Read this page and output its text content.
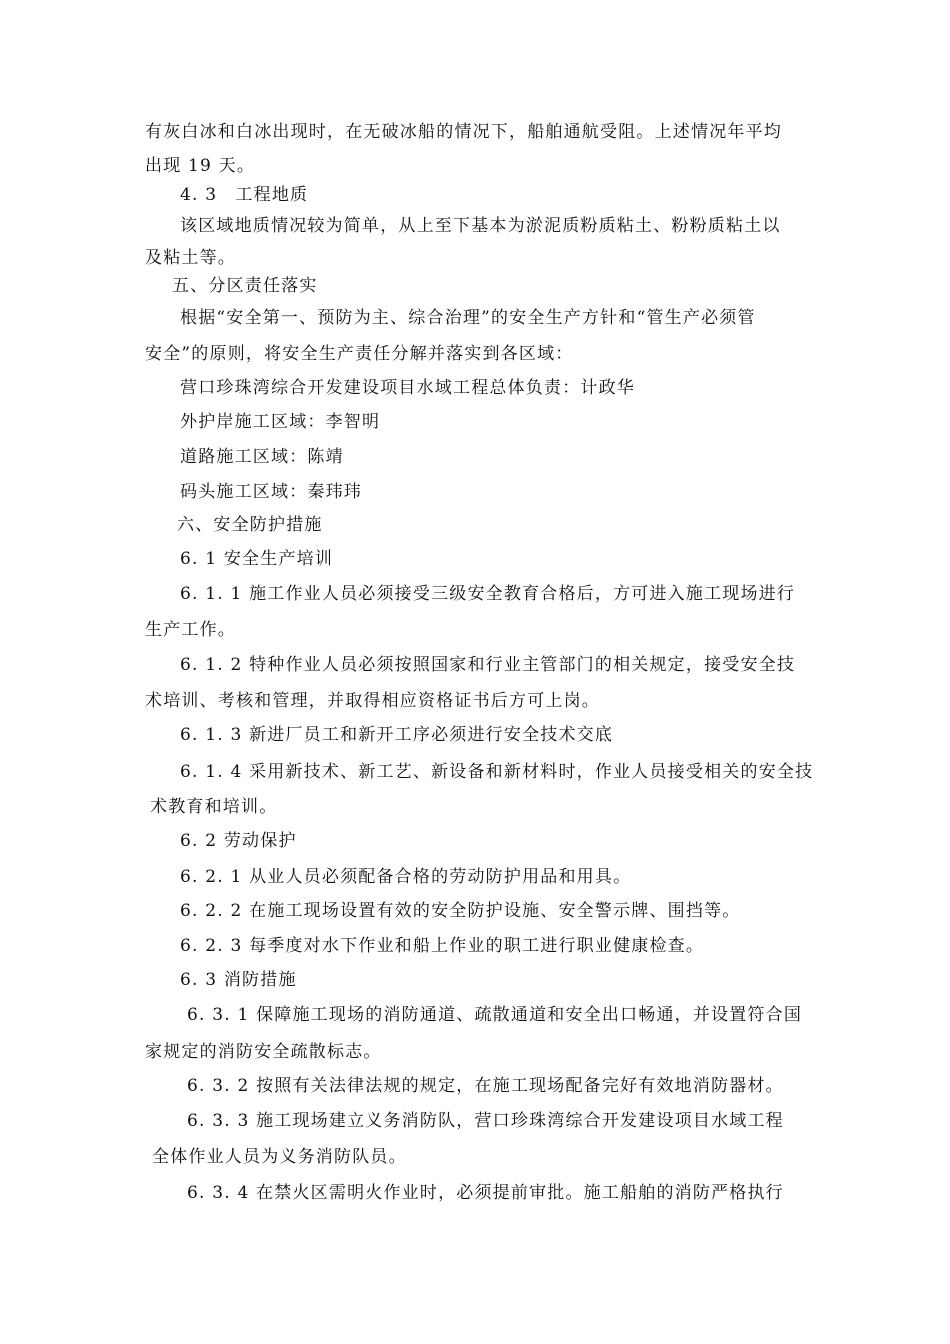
有灰白冰和白冰出现时，在无破冰船的情况下，船舶通航受阻。上述情况年平均
出现 19 天。
4. 3　工程地质
该区域地质情况较为简单，从上至下基本为淤泥质粉质粘土、粉粉质粘土以
及粘土等。
五、分区责任落实
根据“安全第一、预防为主、综合治理”的安全生产方针和“管生产必须管
安全”的原则，将安全生产责任分解并落实到各区域：
营口珍珠湾综合开发建设项目水域工程总体负责：计政华
外护岸施工区域：李智明
道路施工区域：陈靖
码头施工区域：秦玮玮
六、安全防护措施
6. 1 安全生产培训
6. 1. 1 施工作业人员必须接受三级安全教育合格后，方可进入施工现场进行
生产工作。
6. 1. 2 特种作业人员必须按照国家和行业主管部门的相关规定，接受安全技
术培训、考核和管理，并取得相应资格证书后方可上岗。
6. 1. 3 新进厂员工和新开工序必须进行安全技术交底
6. 1. 4 采用新技术、新工艺、新设备和新材料时，作业人员接受相关的安全技
术教育和培训。
6. 2 劳动保护
6. 2. 1 从业人员必须配备合格的劳动防护用品和用具。
6. 2. 2 在施工现场设置有效的安全防护设施、安全警示牌、围挡等。
6. 2. 3 每季度对水下作业和船上作业的职工进行职业健康检查。
6. 3 消防措施
6. 3. 1 保障施工现场的消防通道、疏散通道和安全出口畅通，并设置符合国
家规定的消防安全疏散标志。
6. 3. 2 按照有关法律法规的规定，在施工现场配备完好有效地消防器材。
6. 3. 3 施工现场建立义务消防队，营口珍珠湾综合开发建设项目水域工程
全体作业人员为义务消防队员。
6. 3. 4 在禁火区需明火作业时，必须提前审批。施工船舶的消防严格执行
